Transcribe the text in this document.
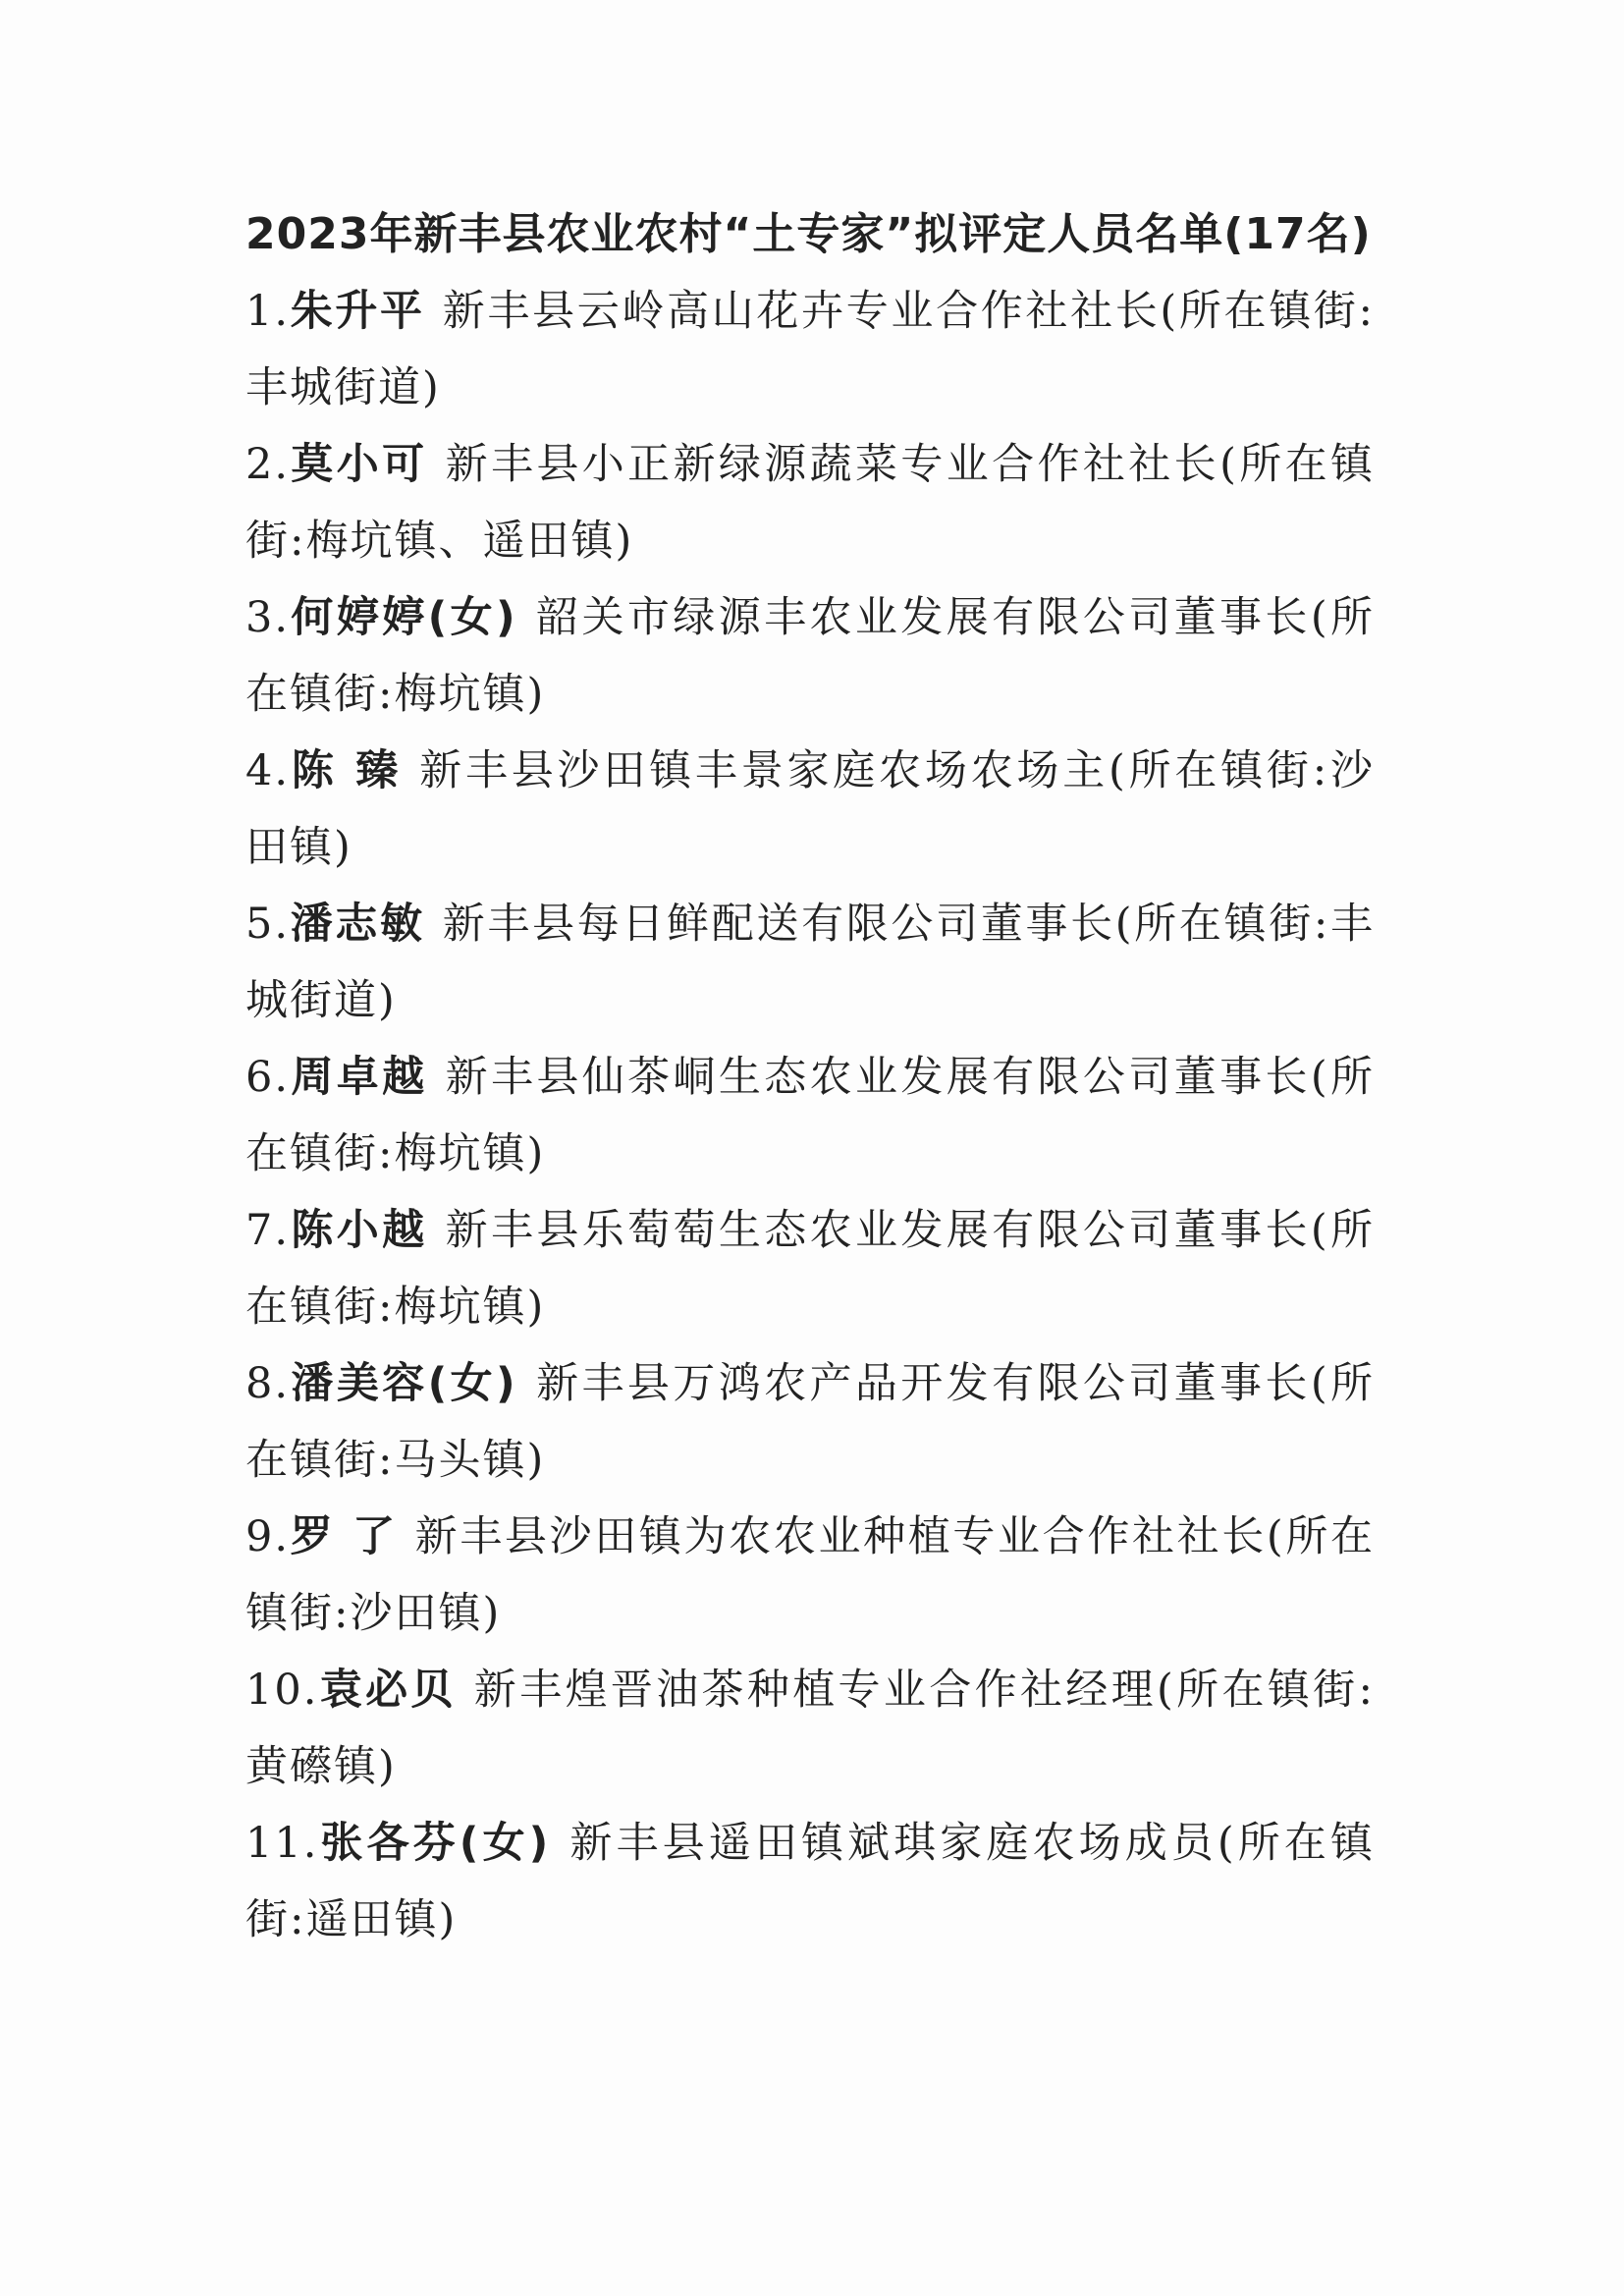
2023年新丰县农业农村“土专家”拟评定人员名单(17名)

1.朱升平 新丰县云岭高山花卉专业合作社社长(所在镇街:丰城街道)

2.莫小可 新丰县小正新绿源蔬菜专业合作社社长(所在镇街:梅坑镇、遥田镇)

3.何婷婷(女) 韶关市绿源丰农业发展有限公司董事长(所在镇街:梅坑镇)

4.陈 臻 新丰县沙田镇丰景家庭农场农场主(所在镇街:沙田镇)

5.潘志敏 新丰县每日鲜配送有限公司董事长(所在镇街:丰城街道)

6.周卓越 新丰县仙茶峒生态农业发展有限公司董事长(所在镇街:梅坑镇)

7.陈小越 新丰县乐萄萄生态农业发展有限公司董事长(所在镇街:梅坑镇)

8.潘美容(女) 新丰县万鸿农产品开发有限公司董事长(所在镇街:马头镇)

9.罗 了 新丰县沙田镇为农农业种植专业合作社社长(所在镇街:沙田镇)

10.袁必贝 新丰煌晋油茶种植专业合作社经理(所在镇街:黄礤镇)

11.张各芬(女) 新丰县遥田镇斌琪家庭农场成员(所在镇街:遥田镇)
